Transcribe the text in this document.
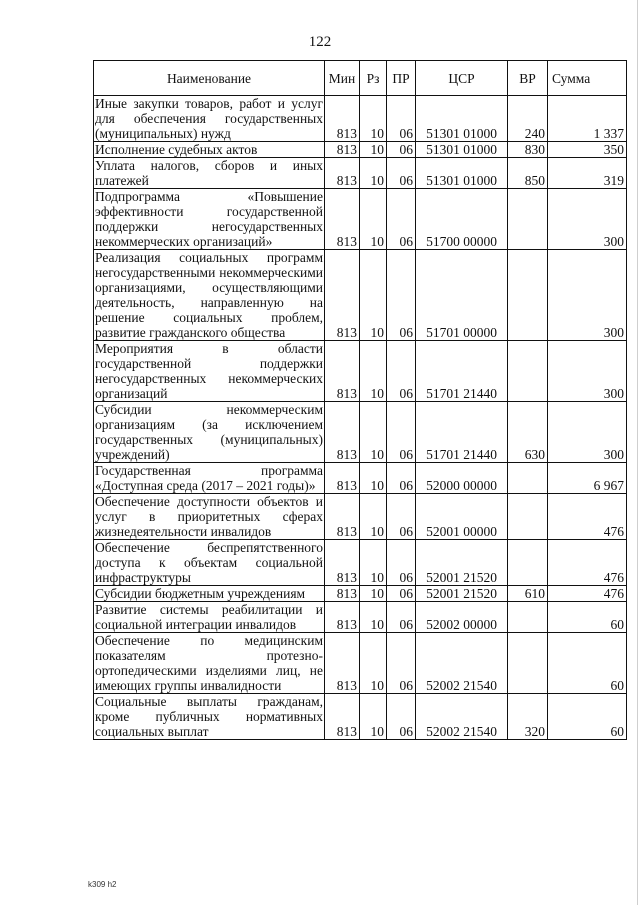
122
Наименование	Мин	Рз	ПР	ЦСР	ВР	Сумма
Иные закупки товаров, работ и услуг для обеспечения государственных (муниципальных) нужд	813	10	06	51301 01000	240	1 337
Исполнение судебных актов	813	10	06	51301 01000	830	350
Уплата налогов, сборов и иных платежей	813	10	06	51301 01000	850	319
Подпрограмма «Повышение эффективности государственной поддержки негосударственных некоммерческих организаций»	813	10	06	51700 00000		300
Реализация социальных программ негосударственными некоммерческими организациями, осуществляющими деятельность, направленную на решение социальных проблем, развитие гражданского общества	813	10	06	51701 00000		300
Мероприятия в области государственной поддержки негосударственных некоммерческих организаций	813	10	06	51701 21440		300
Субсидии некоммерческим организациям (за исключением государственных (муниципальных) учреждений)	813	10	06	51701 21440	630	300
Государственная программа «Доступная среда (2017 – 2021 годы)»	813	10	06	52000 00000		6 967
Обеспечение доступности объектов и услуг в приоритетных сферах жизнедеятельности инвалидов	813	10	06	52001 00000		476
Обеспечение беспрепятственного доступа к объектам социальной инфраструктуры	813	10	06	52001 21520		476
Субсидии бюджетным учреждениям	813	10	06	52001 21520	610	476
Развитие системы реабилитации и социальной интеграции инвалидов	813	10	06	52002 00000		60
Обеспечение по медицинским показателям протезно-ортопедическими изделиями лиц, не имеющих группы инвалидности	813	10	06	52002 21540		60
Социальные выплаты гражданам, кроме публичных нормативных социальных выплат	813	10	06	52002 21540	320	60
k309 h2
